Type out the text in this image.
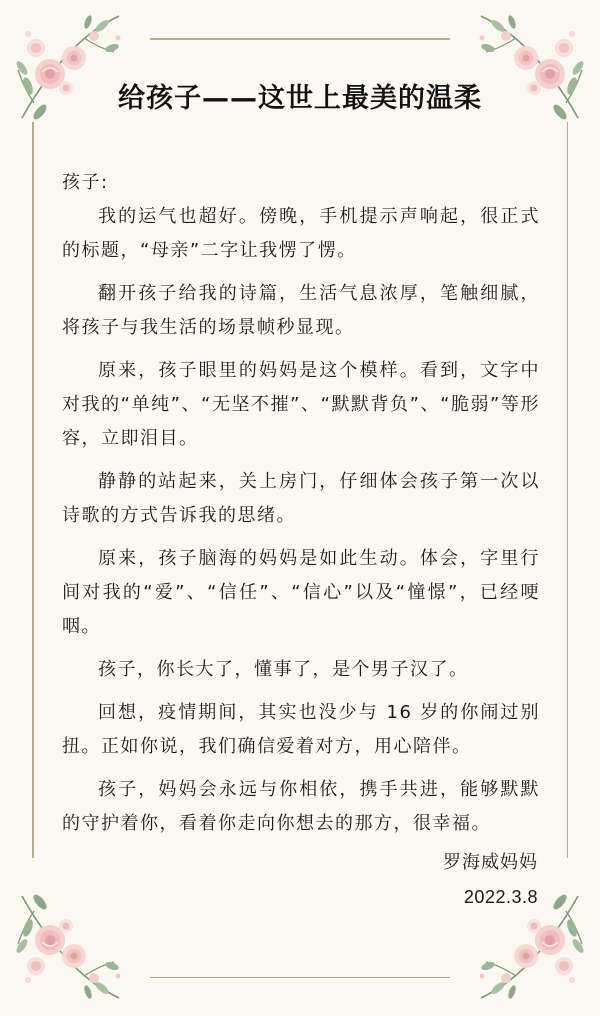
给孩子——这世上最美的温柔

孩子:

我的运气也超好。傍晚，手机提示声响起，很正式的标题，“母亲”二字让我愣了愣。

翻开孩子给我的诗篇，生活气息浓厚，笔触细腻，将孩子与我生活的场景帧秒显现。

原来，孩子眼里的妈妈是这个模样。看到，文字中对我的“单纯”、“无坚不摧”、“默默背负”、“脆弱”等形容，立即泪目。

静静的站起来，关上房门，仔细体会孩子第一次以诗歌的方式告诉我的思绪。

原来，孩子脑海的妈妈是如此生动。体会，字里行间对我的“爱”、“信任”、“信心”以及“憧憬”，已经哽咽。

孩子，你长大了，懂事了，是个男子汉了。

回想，疫情期间，其实也没少与 16 岁的你闹过别扭。正如你说，我们确信爱着对方，用心陪伴。

孩子，妈妈会永远与你相依，携手共进，能够默默的守护着你，看着你走向你想去的那方，很幸福。

罗海威妈妈
2022.3.8
